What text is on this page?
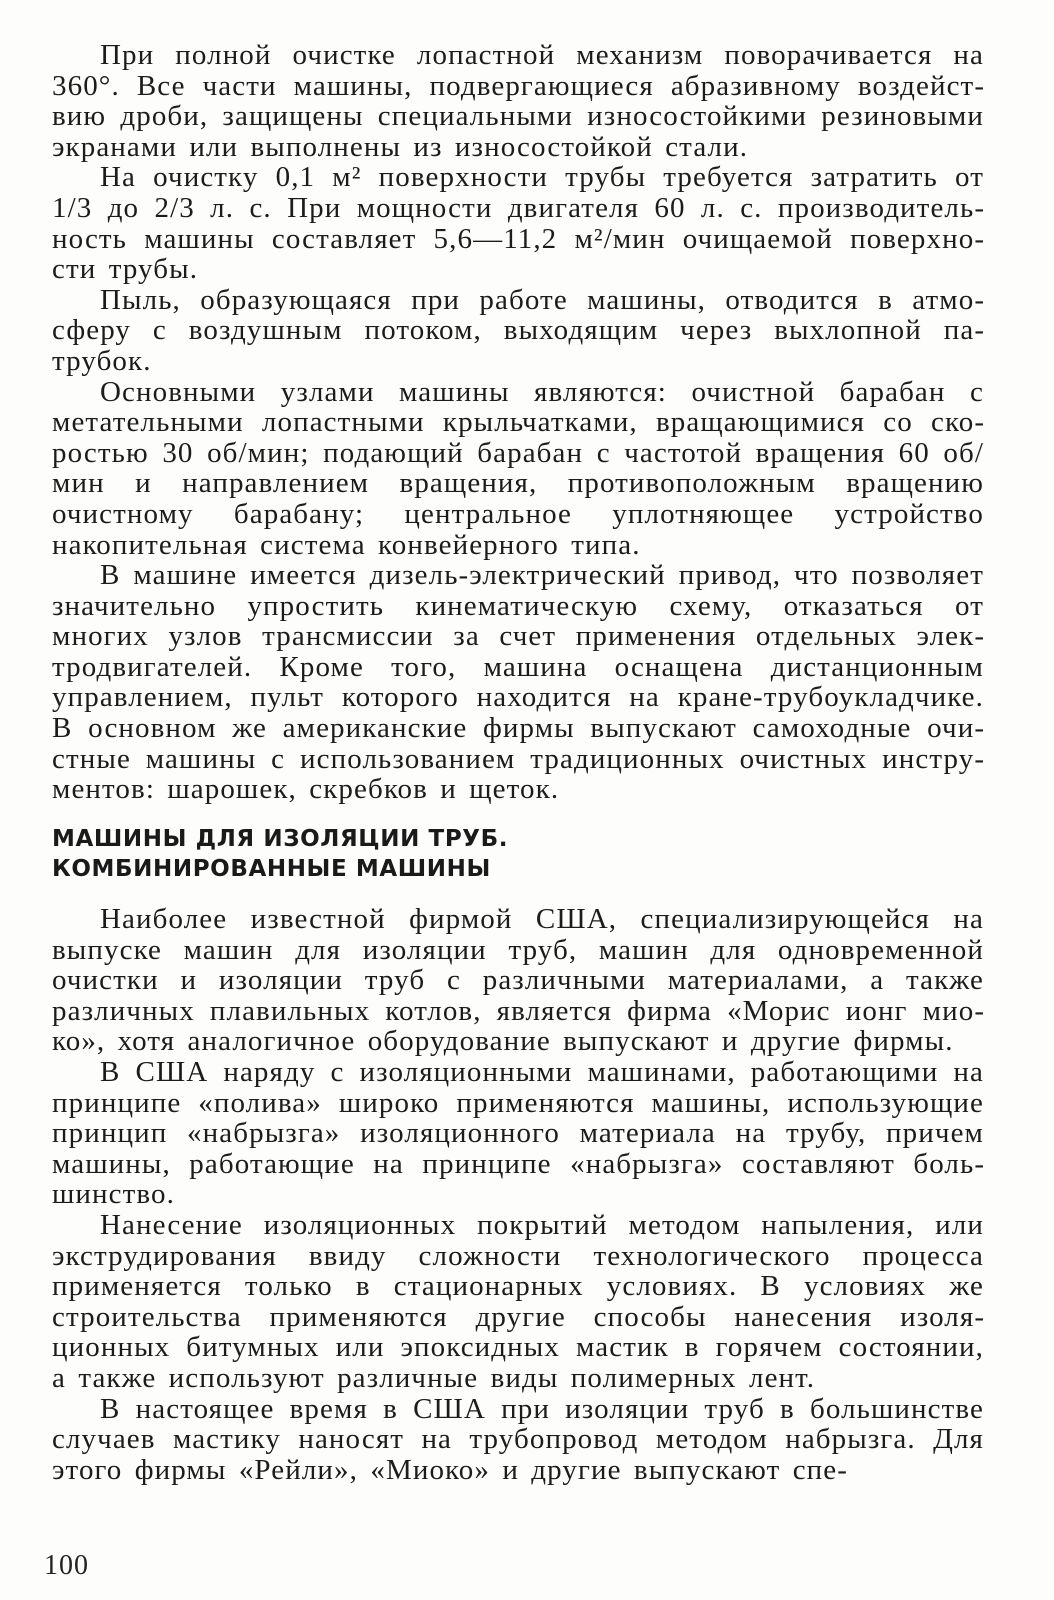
При полной очистке лопастной механизм поворачивается на 360°. Все части машины, подвергающиеся абразивному воздействию дроби, защищены специальными износостойкими резиновыми экранами или выполнены из износостойкой стали.

На очистку 0,1 м² поверхности трубы требуется затратить от 1/3 до 2/3 л. с. При мощности двигателя 60 л. с. производительность машины составляет 5,6—11,2 м²/мин очищаемой поверхности трубы.

Пыль, образующаяся при работе машины, отводится в атмосферу с воздушным потоком, выходящим через выхлопной патрубок.

Основными узлами машины являются: очистной барабан с метательными лопастными крыльчатками, вращающимися со скоростью 30 об/мин; подающий барабан с частотой вращения 60 об/мин и направлением вращения, противоположным вращению очистному барабану; центральное уплотняющее устройство накопительная система конвейерного типа.

В машине имеется дизель-электрический привод, что позволяет значительно упростить кинематическую схему, отказаться от многих узлов трансмиссии за счет применения отдельных электродвигателей. Кроме того, машина оснащена дистанционным управлением, пульт которого находится на кране-трубоукладчике. В основном же американские фирмы выпускают самоходные очистные машины с использованием традиционных очистных инструментов: шарошек, скребков и щеток.

МАШИНЫ ДЛЯ ИЗОЛЯЦИИ ТРУБ.
КОМБИНИРОВАННЫЕ МАШИНЫ

Наиболее известной фирмой США, специализирующейся на выпуске машин для изоляции труб, машин для одновременной очистки и изоляции труб с различными материалами, а также различных плавильных котлов, является фирма «Морис ионг миоко», хотя аналогичное оборудование выпускают и другие фирмы.

В США наряду с изоляционными машинами, работающими на принципе «полива» широко применяются машины, использующие принцип «набрызга» изоляционного материала на трубу, причем машины, работающие на принципе «набрызга» составляют большинство.

Нанесение изоляционных покрытий методом напыления, или экструдирования ввиду сложности технологического процесса применяется только в стационарных условиях. В условиях же строительства применяются другие способы нанесения изоляционных битумных или эпоксидных мастик в горячем состоянии, а также используют различные виды полимерных лент.

В настоящее время в США при изоляции труб в большинстве случаев мастику наносят на трубопровод методом набрызга. Для этого фирмы «Рейли», «Миоко» и другие выпускают спе-

100
